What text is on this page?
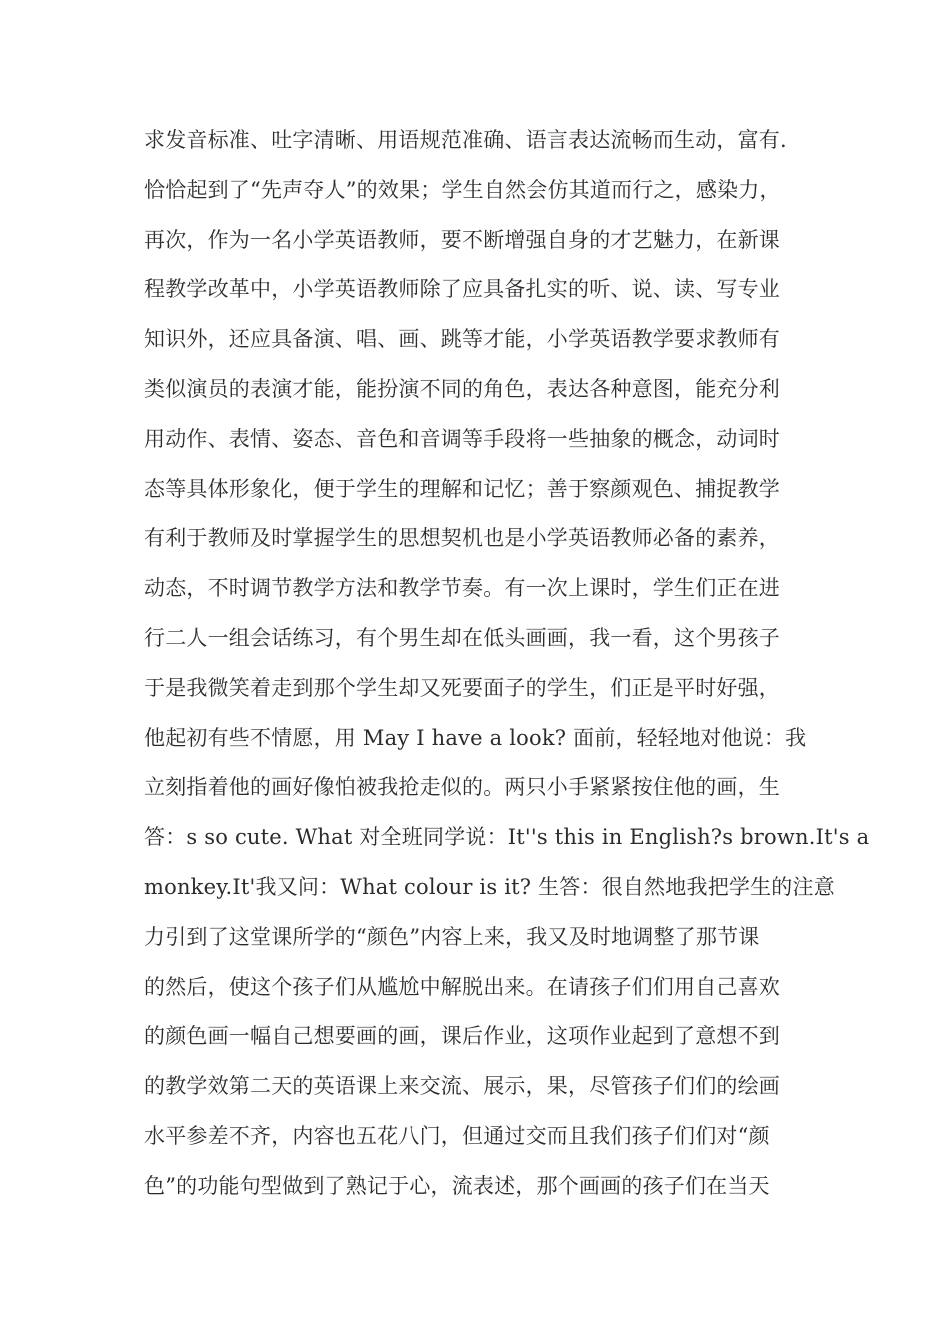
求发音标准、吐字清晰、用语规范准确、语言表达流畅而生动，富有.
恰恰起到了“先声夺人”的效果；学生自然会仿其道而行之，感染力，
再次，作为一名小学英语教师，要不断增强自身的才艺魅力，在新课
程教学改革中，小学英语教师除了应具备扎实的听、说、读、写专业
知识外，还应具备演、唱、画、跳等才能，小学英语教学要求教师有
类似演员的表演才能，能扮演不同的角色，表达各种意图，能充分利
用动作、表情、姿态、音色和音调等手段将一些抽象的概念，动词时
态等具体形象化，便于学生的理解和记忆；善于察颜观色、捕捉教学
有利于教师及时掌握学生的思想契机也是小学英语教师必备的素养，
动态，不时调节教学方法和教学节奏。有一次上课时，学生们正在进
行二人一组会话练习，有个男生却在低头画画，我一看，这个男孩子
于是我微笑着走到那个学生却又死要面子的学生，们正是平时好强，
他起初有些不情愿，用 May I have a look? 面前，轻轻地对他说：我
立刻指着他的画好像怕被我抢走似的。两只小手紧紧按住他的画，生
答：s so cute. What 对全班同学说：It''s this in English?s brown.It's a
monkey.It'我又问：What colour is it? 生答：很自然地我把学生的注意
力引到了这堂课所学的“颜色”内容上来，我又及时地调整了那节课
的然后，使这个孩子们从尴尬中解脱出来。在请孩子们们用自己喜欢
的颜色画一幅自己想要画的画，课后作业，这项作业起到了意想不到
的教学效第二天的英语课上来交流、展示，果，尽管孩子们们的绘画
水平参差不齐，内容也五花八门，但通过交而且我们孩子们们对“颜
色”的功能句型做到了熟记于心，流表述，那个画画的孩子们在当天
